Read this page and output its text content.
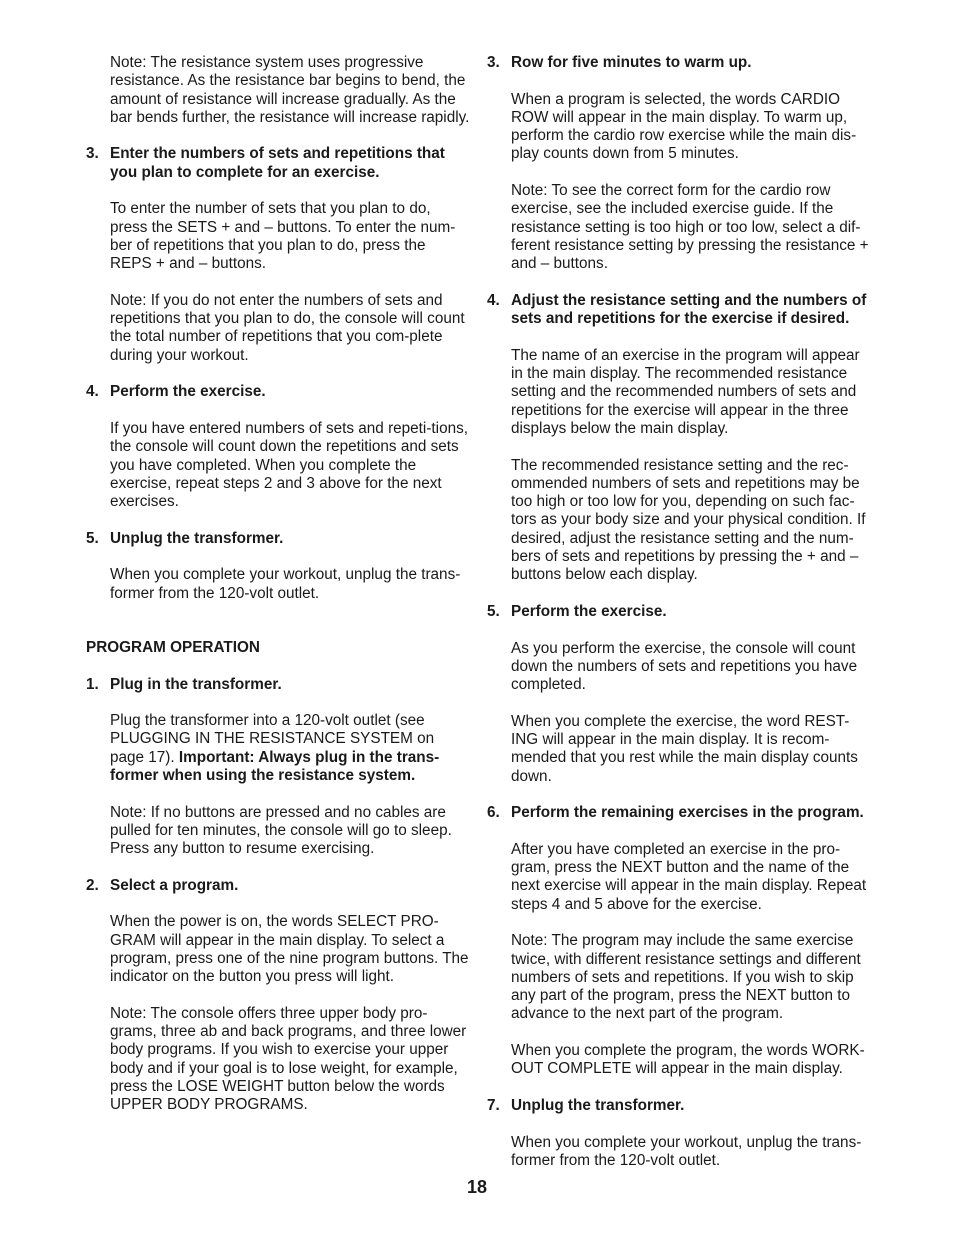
Note: The resistance system uses progressive resistance. As the resistance bar begins to bend, the amount of resistance will increase gradually. As the bar bends further, the resistance will increase rapidly.

3. Enter the numbers of sets and repetitions that you plan to complete for an exercise.

To enter the number of sets that you plan to do, press the SETS + and – buttons. To enter the num-ber of repetitions that you plan to do, press the REPS + and – buttons.

Note: If you do not enter the numbers of sets and repetitions that you plan to do, the console will count the total number of repetitions that you com-plete during your workout.

4. Perform the exercise.

If you have entered numbers of sets and repeti-tions, the console will count down the repetitions and sets you have completed. When you complete the exercise, repeat steps 2 and 3 above for the next exercises.

5. Unplug the transformer.

When you complete your workout, unplug the trans-former from the 120-volt outlet.

PROGRAM OPERATION
1. Plug in the transformer.

Plug the transformer into a 120-volt outlet (see PLUGGING IN THE RESISTANCE SYSTEM on page 17). Important: Always plug in the trans-former when using the resistance system.

Note: If no buttons are pressed and no cables are pulled for ten minutes, the console will go to sleep. Press any button to resume exercising.

2. Select a program.

When the power is on, the words SELECT PRO-GRAM will appear in the main display. To select a program, press one of the nine program buttons. The indicator on the button you press will light.

Note: The console offers three upper body pro-grams, three ab and back programs, and three lower body programs. If you wish to exercise your upper body and if your goal is to lose weight, for example, press the LOSE WEIGHT button below the words UPPER BODY PROGRAMS.

3. Row for five minutes to warm up.

When a program is selected, the words CARDIO ROW will appear in the main display. To warm up, perform the cardio row exercise while the main dis-play counts down from 5 minutes.

Note: To see the correct form for the cardio row exercise, see the included exercise guide. If the resistance setting is too high or too low, select a dif-ferent resistance setting by pressing the resistance + and – buttons.

4. Adjust the resistance setting and the numbers of sets and repetitions for the exercise if desired.

The name of an exercise in the program will appear in the main display. The recommended resistance setting and the recommended numbers of sets and repetitions for the exercise will appear in the three displays below the main display.

The recommended resistance setting and the rec-ommended numbers of sets and repetitions may be too high or too low for you, depending on such fac-tors as your body size and your physical condition. If desired, adjust the resistance setting and the num-bers of sets and repetitions by pressing the + and – buttons below each display.

5. Perform the exercise.

As you perform the exercise, the console will count down the numbers of sets and repetitions you have completed.

When you complete the exercise, the word REST-ING will appear in the main display. It is recom-mended that you rest while the main display counts down.

6. Perform the remaining exercises in the program.

After you have completed an exercise in the pro-gram, press the NEXT button and the name of the next exercise will appear in the main display. Repeat steps 4 and 5 above for the exercise.

Note: The program may include the same exercise twice, with different resistance settings and different numbers of sets and repetitions. If you wish to skip any part of the program, press the NEXT button to advance to the next part of the program.

When you complete the program, the words WORK-OUT COMPLETE will appear in the main display.

7. Unplug the transformer.

When you complete your workout, unplug the trans-former from the 120-volt outlet.

18
